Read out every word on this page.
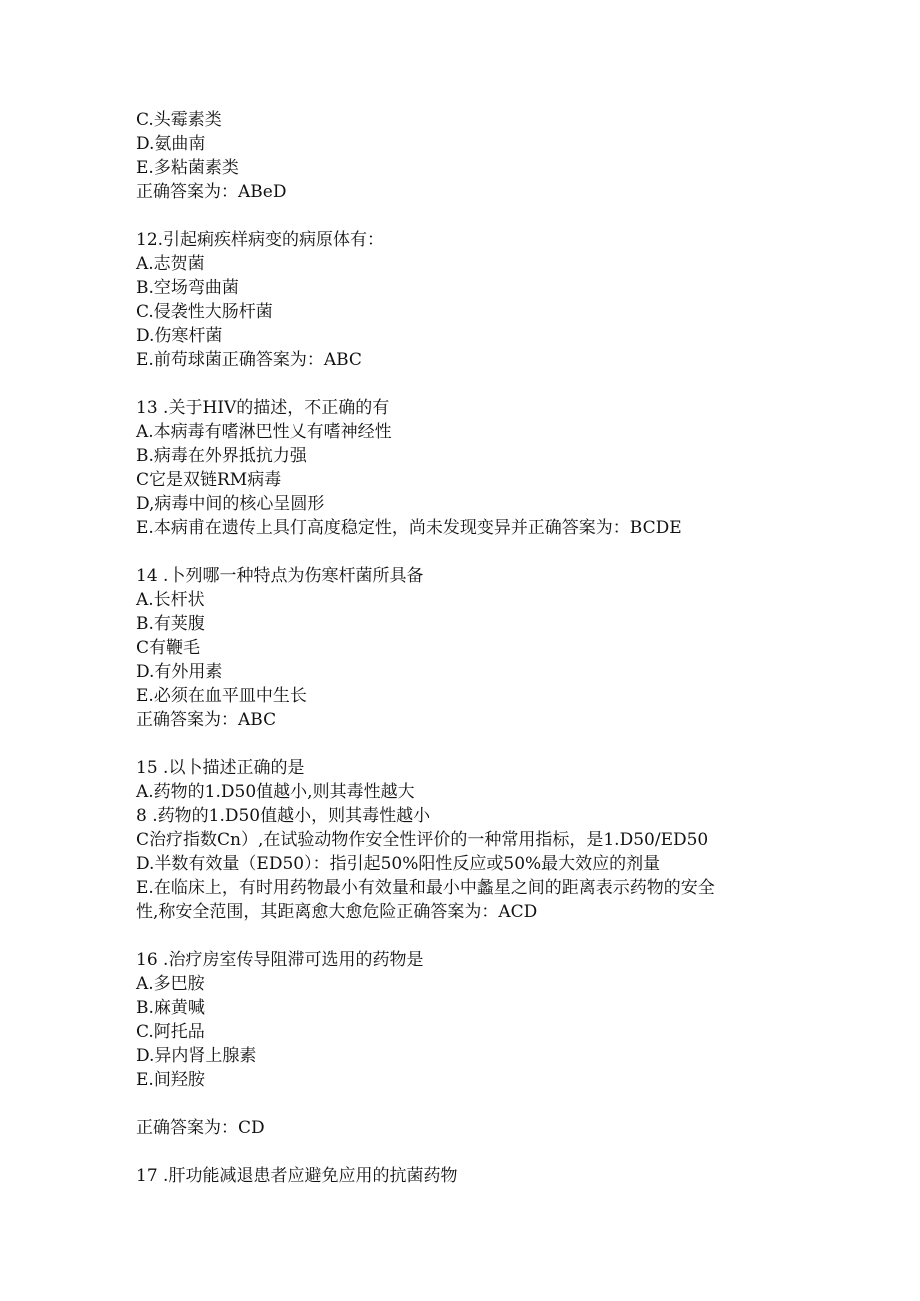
C.头霉素类
D.氨曲南
E.多粘菌素类
正确答案为：ABeD
12.引起痢疾样病变的病原体有：
A.志贺菌
B.空场弯曲菌
C.侵袭性大肠杆菌
D.伤寒杆菌
E.前苟球菌正确答案为：ABC
13 .关于HIV的描述，不正确的有
A.本病毒有嗜淋巴性乂有嗜神经性
B.病毒在外界抵抗力强
C它是双链RM病毒
D,病毒中间的核心呈圆形
E.本病甫在遗传上具仃高度稳定性，尚未发现变异并正确答案为：BCDE
14 .卜列哪一种特点为伤寒杆菌所具备
A.长杆状
B.有荚腹
C有鞭毛
D.有外用素
E.必须在血平皿中生长
正确答案为：ABC
15 .以卜描述正确的是
A.药物的1.D50值越小,则其毒性越大
8 .药物的1.D50值越小，则其毒性越小
C治疗指数Cn）,在试验动物作安全性评价的一种常用指标，是1.D50/ED50
D.半数有效量（ED50）：指引起50%阳性反应或50%最大效应的剂量
E.在临床上，有时用药物最小有效量和最小中蠡星之间的距离表示药物的安全
性,称安全范围，其距离愈大愈危险正确答案为：ACD
16 .治疗房室传导阻滞可选用的药物是
A.多巴胺
B.麻黄喊
C.阿托品
D.异内肾上腺素
E.间羟胺
正确答案为：CD
17 .肝功能减退患者应避免应用的抗菌药物
